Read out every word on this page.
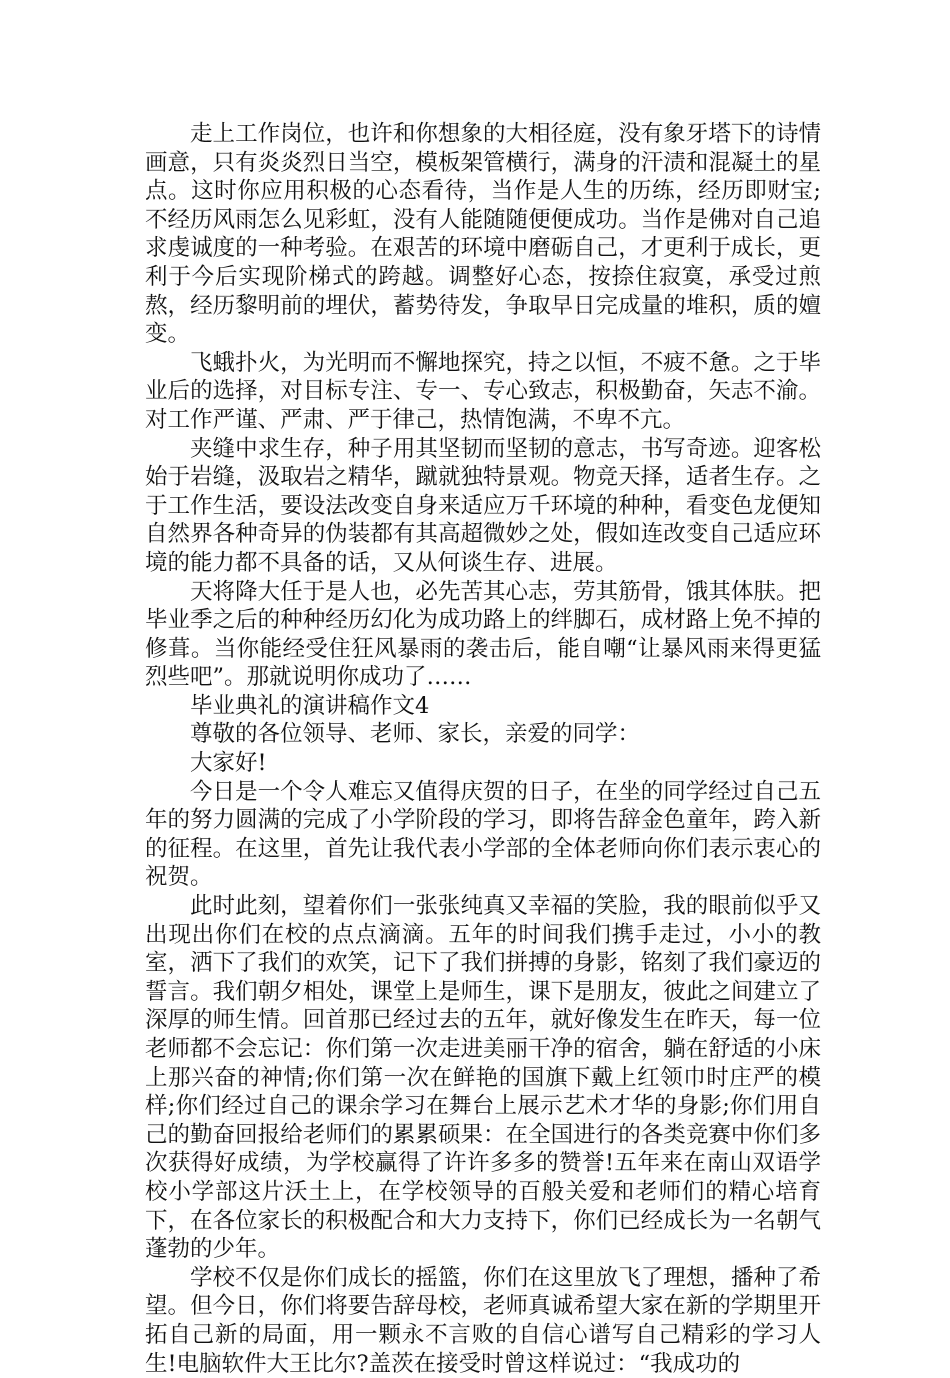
走上工作岗位，也许和你想象的大相径庭，没有象牙塔下的诗情画意，只有炎炎烈日当空，模板架管横行，满身的汗渍和混凝土的星点。这时你应用积极的心态看待，当作是人生的历练，经历即财宝;不经历风雨怎么见彩虹，没有人能随随便便成功。当作是佛对自己追求虔诚度的一种考验。在艰苦的环境中磨砺自己，才更利于成长，更利于今后实现阶梯式的跨越。调整好心态，按捺住寂寞，承受过煎熬，经历黎明前的埋伏，蓄势待发，争取早日完成量的堆积，质的嬗变。

飞蛾扑火，为光明而不懈地探究，持之以恒，不疲不惫。之于毕业后的选择，对目标专注、专一、专心致志，积极勤奋，矢志不渝。对工作严谨、严肃、严于律己，热情饱满，不卑不亢。

夹缝中求生存，种子用其坚韧而坚韧的意志，书写奇迹。迎客松始于岩缝，汲取岩之精华，蹴就独特景观。物竞天择，适者生存。之于工作生活，要设法改变自身来适应万千环境的种种，看变色龙便知自然界各种奇异的伪装都有其高超微妙之处，假如连改变自己适应环境的能力都不具备的话，又从何谈生存、进展。

天将降大任于是人也，必先苦其心志，劳其筋骨，饿其体肤。把毕业季之后的种种经历幻化为成功路上的绊脚石，成材路上免不掉的修葺。当你能经受住狂风暴雨的袭击后，能自嘲“让暴风雨来得更猛烈些吧”。那就说明你成功了……

毕业典礼的演讲稿作文4

尊敬的各位领导、老师、家长，亲爱的同学：

大家好!

今日是一个令人难忘又值得庆贺的日子，在坐的同学经过自己五年的努力圆满的完成了小学阶段的学习，即将告辞金色童年，跨入新的征程。在这里，首先让我代表小学部的全体老师向你们表示衷心的祝贺。

此时此刻，望着你们一张张纯真又幸福的笑脸，我的眼前似乎又出现出你们在校的点点滴滴。五年的时间我们携手走过，小小的教室，洒下了我们的欢笑，记下了我们拼搏的身影，铭刻了我们豪迈的誓言。我们朝夕相处，课堂上是师生，课下是朋友，彼此之间建立了深厚的师生情。回首那已经过去的五年，就好像发生在昨天，每一位老师都不会忘记：你们第一次走进美丽干净的宿舍，躺在舒适的小床上那兴奋的神情;你们第一次在鲜艳的国旗下戴上红领巾时庄严的模样;你们经过自己的课余学习在舞台上展示艺术才华的身影;你们用自己的勤奋回报给老师们的累累硕果：在全国进行的各类竞赛中你们多次获得好成绩，为学校赢得了许许多多的赞誉!五年来在南山双语学校小学部这片沃土上，在学校领导的百般关爱和老师们的精心培育下，在各位家长的积极配合和大力支持下，你们已经成长为一名朝气蓬勃的少年。

学校不仅是你们成长的摇篮，你们在这里放飞了理想，播种了希望。但今日，你们将要告辞母校，老师真诚希望大家在新的学期里开拓自己新的局面，用一颗永不言败的自信心谱写自己精彩的学习人生!电脑软件大王比尔?盖茨在接受时曾这样说过：“我成功的
